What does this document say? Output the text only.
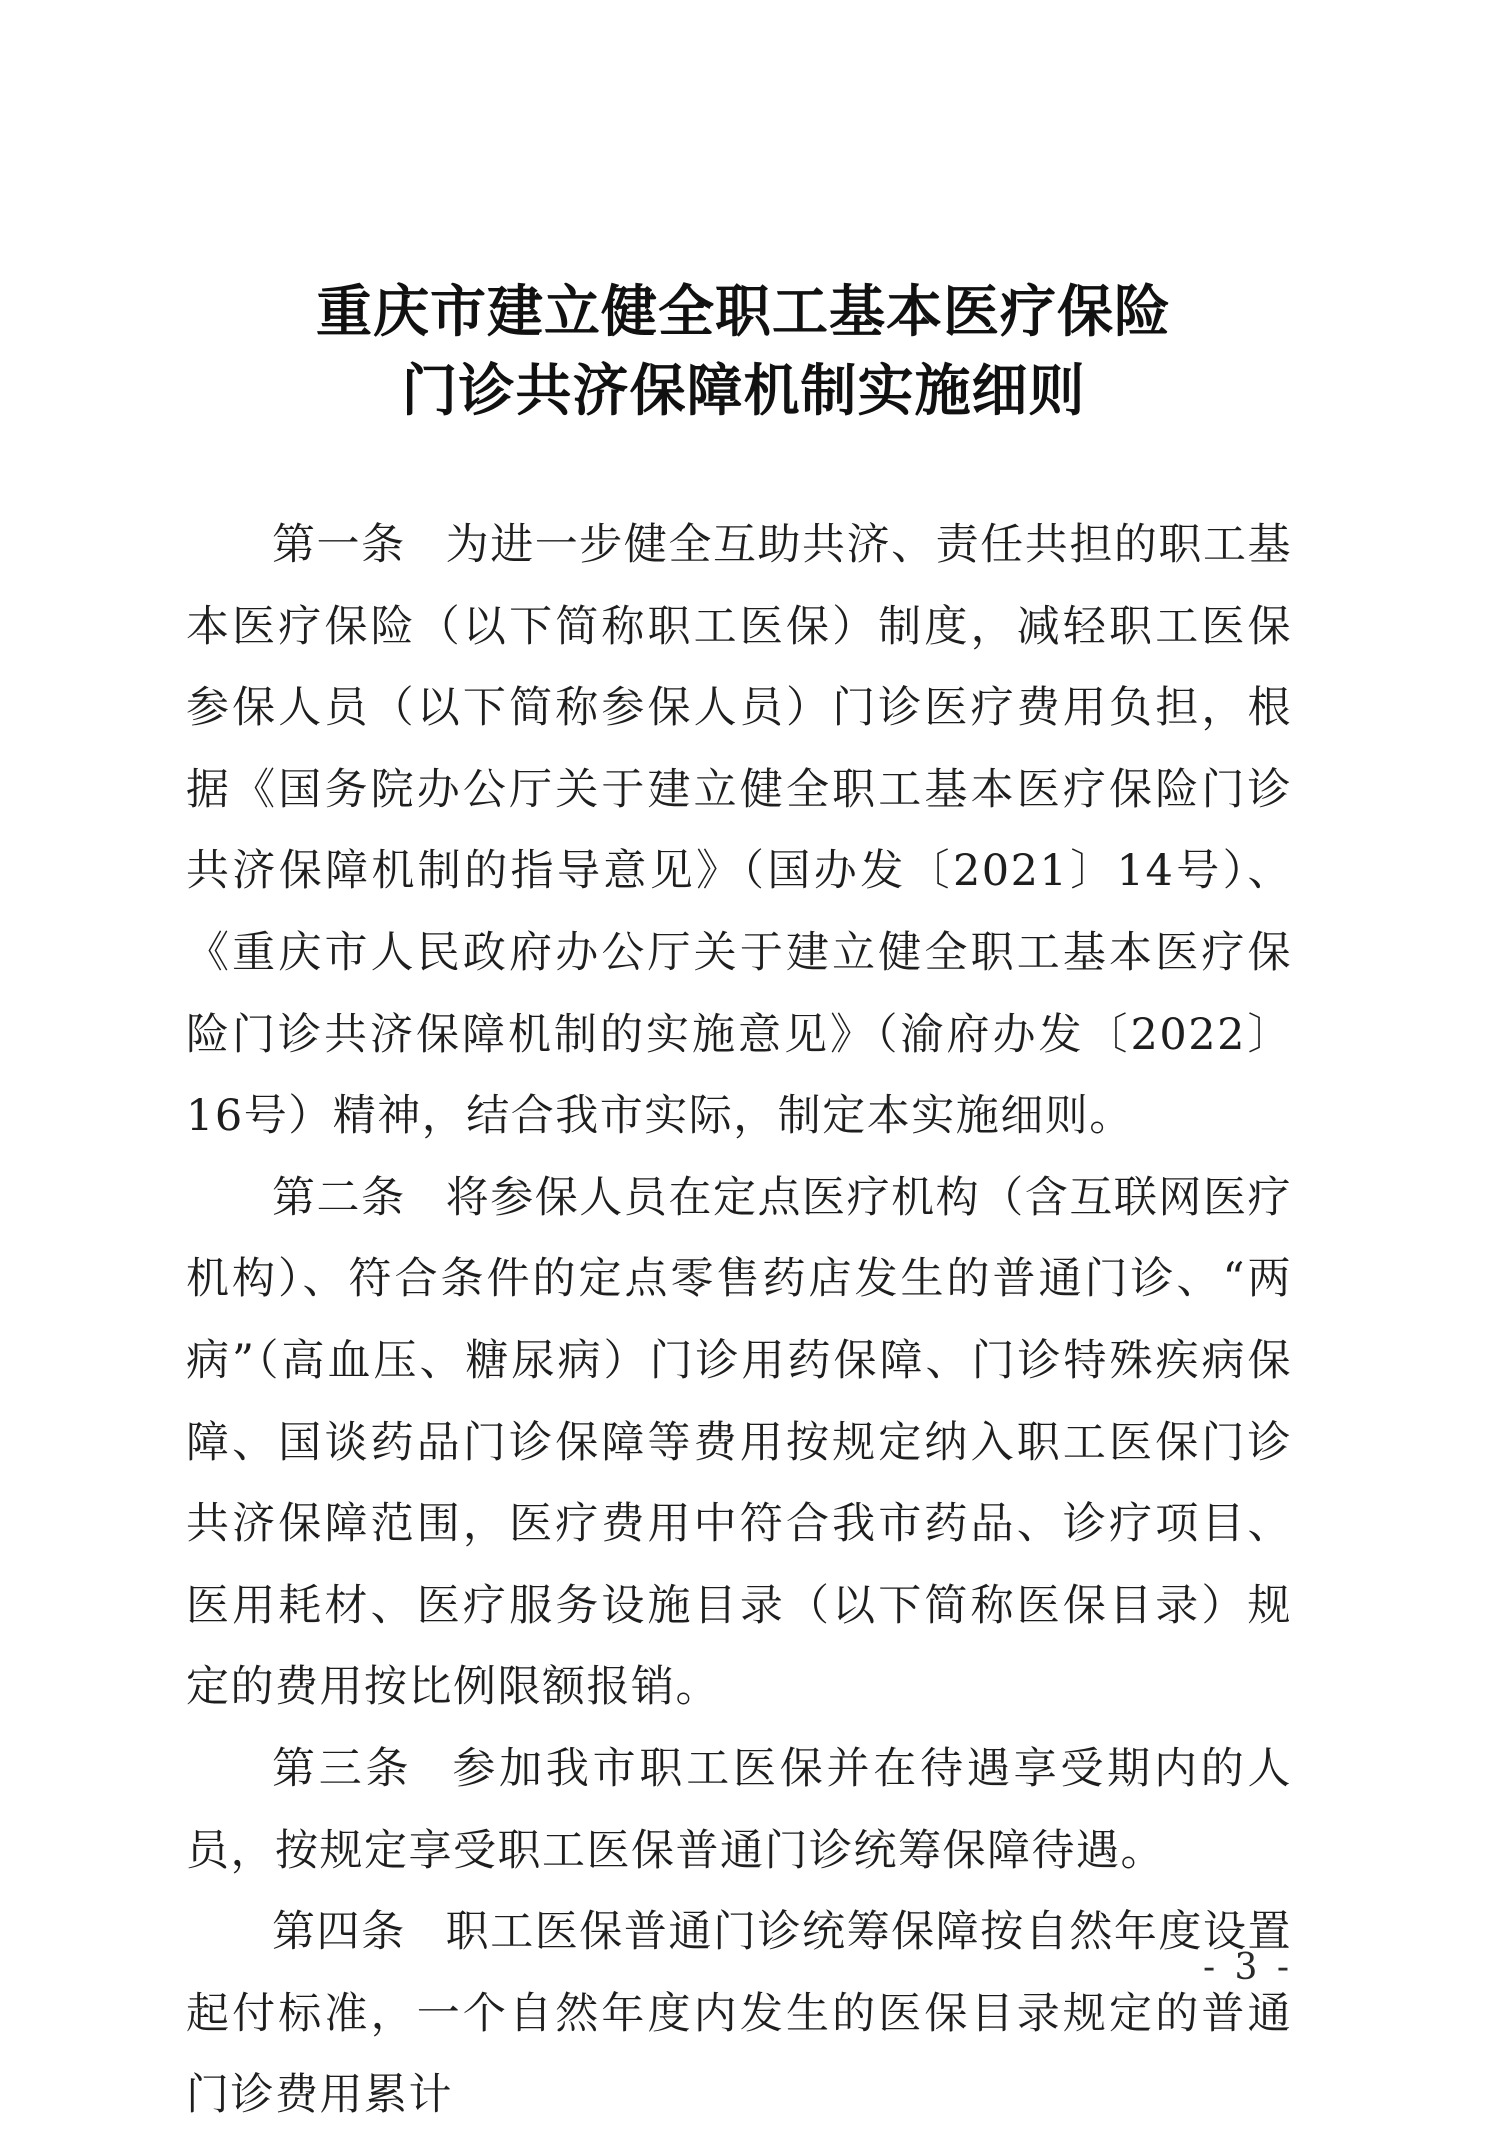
重庆市建立健全职工基本医疗保险
门诊共济保障机制实施细则

第一条 为进一步健全互助共济、责任共担的职工基本医疗保险（以下简称职工医保）制度，减轻职工医保参保人员（以下简称参保人员）门诊医疗费用负担，根据《国务院办公厅关于建立健全职工基本医疗保险门诊共济保障机制的指导意见》（国办发〔2021〕14号）、《重庆市人民政府办公厅关于建立健全职工基本医疗保险门诊共济保障机制的实施意见》（渝府办发〔2022〕16号）精神，结合我市实际，制定本实施细则。

第二条 将参保人员在定点医疗机构（含互联网医疗机构）、符合条件的定点零售药店发生的普通门诊、“两病”（高血压、糖尿病）门诊用药保障、门诊特殊疾病保障、国谈药品门诊保障等费用按规定纳入职工医保门诊共济保障范围，医疗费用中符合我市药品、诊疗项目、医用耗材、医疗服务设施目录（以下简称医保目录）规定的费用按比例限额报销。

第三条 参加我市职工医保并在待遇享受期内的人员，按规定享受职工医保普通门诊统筹保障待遇。

第四条 职工医保普通门诊统筹保障按自然年度设置起付标准，一个自然年度内发生的医保目录规定的普通门诊费用累计

- 3 -
